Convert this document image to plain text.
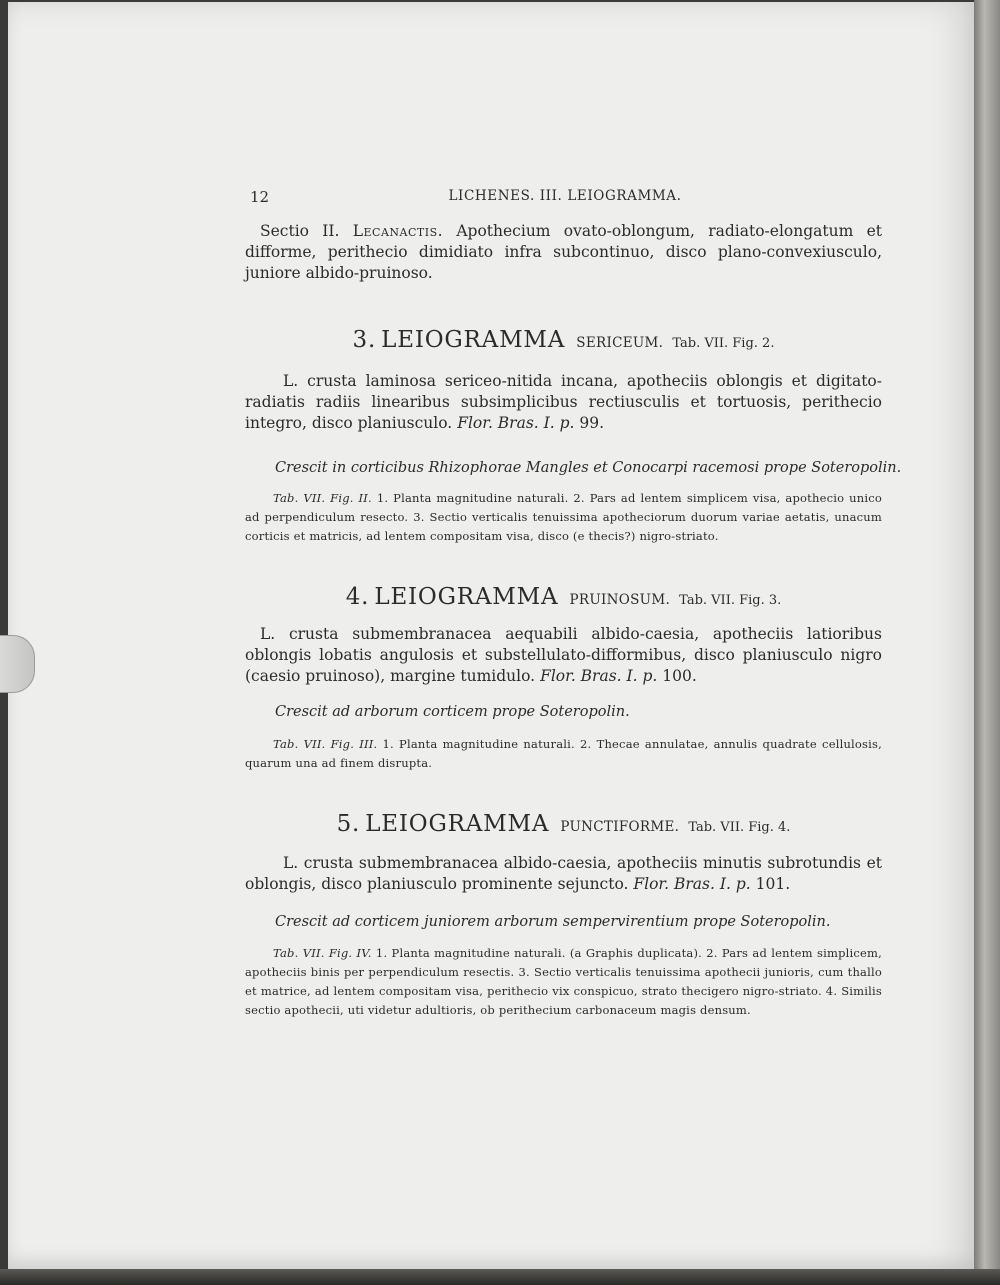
12	LICHENES. III. LEIOGRAMMA.

Sectio II. Lecanactis. Apothecium ovato-oblongum, radiato-elongatum et difforme, perithecio dimidiato infra subcontinuo, disco plano-convexiusculo, juniore albido-pruinoso.

3. LEIOGRAMMA SERICEUM. Tab. VII. Fig. 2.

L. crusta laminosa sericeo-nitida incana, apotheciis oblongis et digitato-radiatis radiis linearibus subsimplicibus rectiusculis et tortuosis, perithecio integro, disco planiusculo. Flor. Bras. I. p. 99.

Crescit in corticibus Rhizophorae Mangles et Conocarpi racemosi prope Soteropolin.

Tab. VII. Fig. II. 1. Planta magnitudine naturali. 2. Pars ad lentem simplicem visa, apothecio unico ad perpendiculum resecto. 3. Sectio verticalis tenuissima apotheciorum duorum variae aetatis, unacum corticis et matricis, ad lentem compositam visa, disco (e thecis?) nigro-striato.

4. LEIOGRAMMA PRUINOSUM. Tab. VII. Fig. 3.

L. crusta submembranacea aequabili albido-caesia, apotheciis latioribus oblongis lobatis angulosis et substellulato-difformibus, disco planiusculo nigro (caesio pruinoso), margine tumidulo. Flor. Bras. I. p. 100.

Crescit ad arborum corticem prope Soteropolin.

Tab. VII. Fig. III. 1. Planta magnitudine naturali. 2. Thecae annulatae, annulis quadrate cellulosis, quarum una ad finem disrupta.

5. LEIOGRAMMA PUNCTIFORME. Tab. VII. Fig. 4.

L. crusta submembranacea albido-caesia, apotheciis minutis subrotundis et oblongis, disco planiusculo prominente sejuncto. Flor. Bras. I. p. 101.

Crescit ad corticem juniorem arborum sempervirentium prope Soteropolin.

Tab. VII. Fig. IV. 1. Planta magnitudine naturali. (a Graphis duplicata). 2. Pars ad lentem simplicem, apotheciis binis per perpendiculum resectis. 3. Sectio verticalis tenuissima apothecii junioris, cum thallo et matrice, ad lentem compositam visa, perithecio vix conspicuo, strato thecigero nigro-striato. 4. Similis sectio apothecii, uti videtur adultioris, ob perithecium carbonaceum magis densum.
